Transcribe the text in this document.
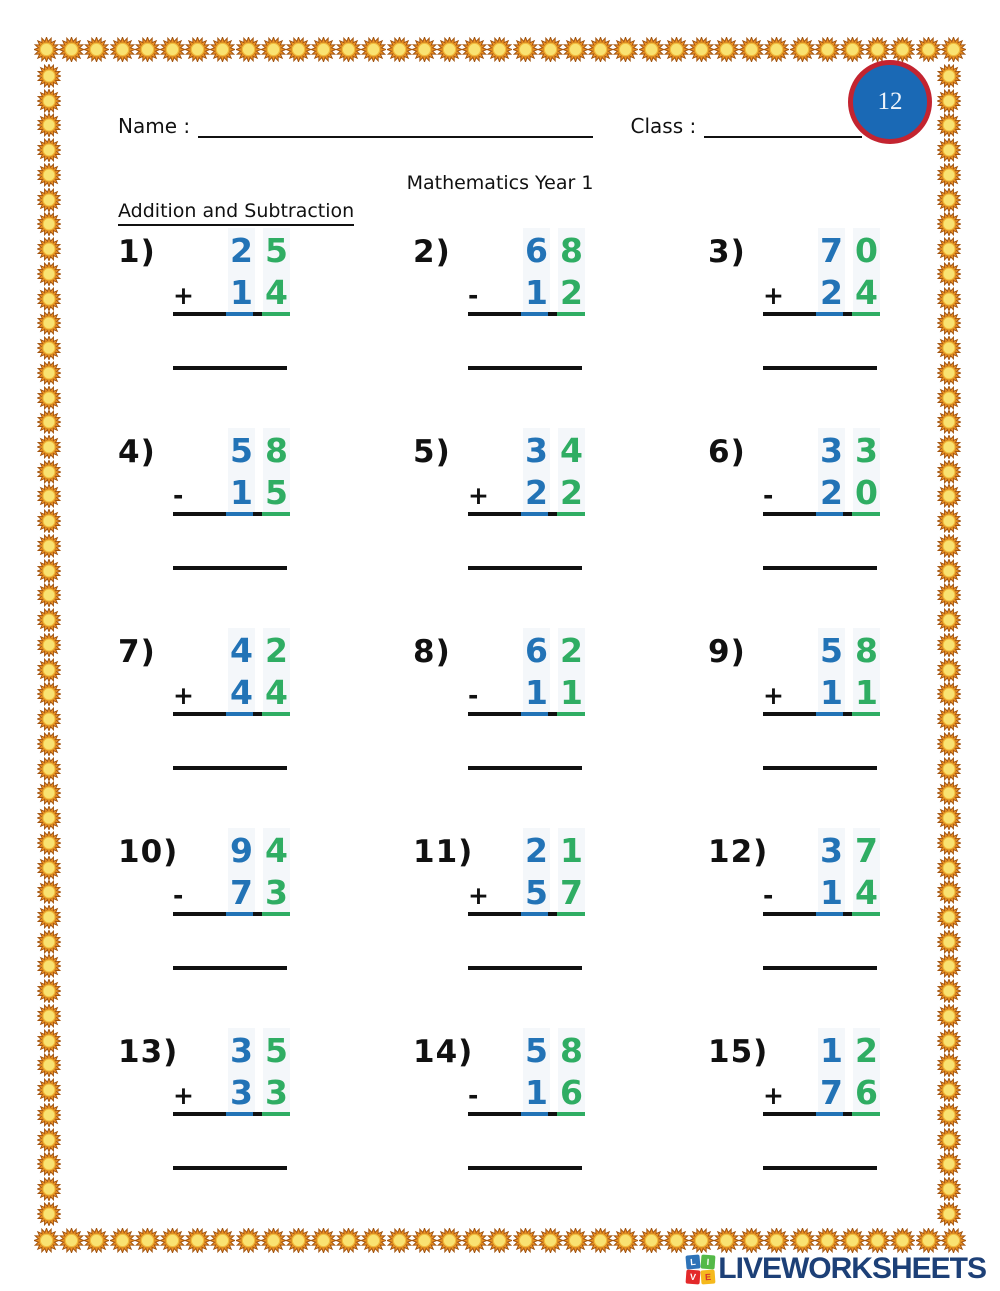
12
Name :	Class :
Mathematics Year 1
Addition and Subtraction
1) 2 5
+ 1 4
2) 6 8
- 1 2
3) 7 0
+ 2 4
4) 5 8
- 1 5
5) 3 4
+ 2 2
6) 3 3
- 2 0
7) 4 2
+ 4 4
8) 6 2
- 1 1
9) 5 8
+ 1 1
10) 9 4
- 7 3
11) 2 1
+ 5 7
12) 3 7
- 1 4
13) 3 5
+ 3 3
14) 5 8
- 1 6
15) 1 2
+ 7 6
L	I
V E LIVEWORKSHEETS
